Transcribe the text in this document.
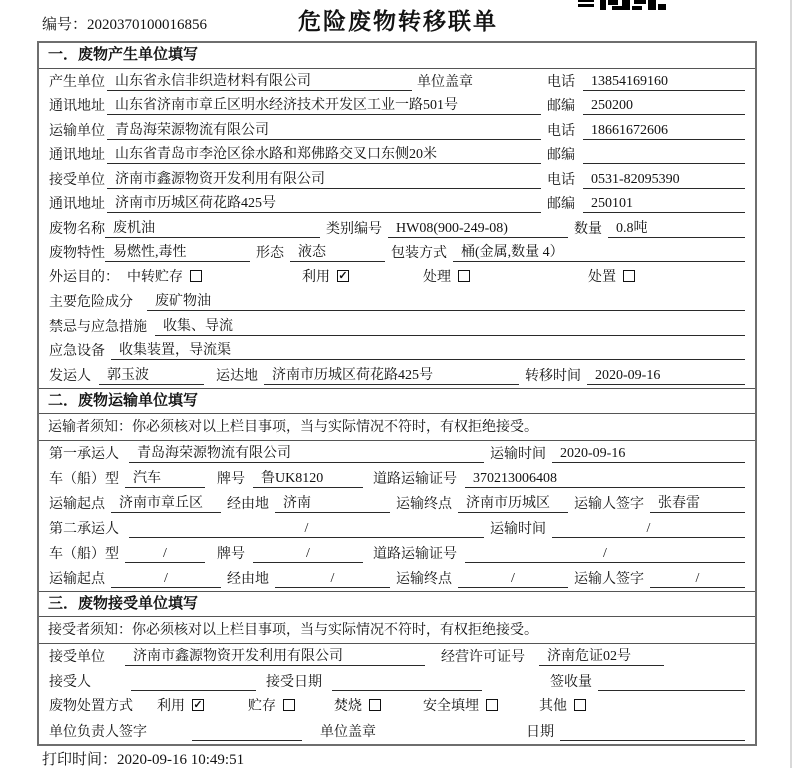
编号：2020370100016856	危险废物转移联单
一．废物产生单位填写
产生单位 山东省永信非织造材料有限公司	单位盖章	电话	13854169160
通讯地址 山东省济南市章丘区明水经济技术开发区工业一路501号	邮编	250200
运输单位 青岛海荣源物流有限公司	电话	18661672606
通讯地址 山东省青岛市李沧区徐水路和郑佛路交叉口东侧20米	邮编
接受单位 济南市鑫源物资开发利用有限公司	电话	0531-82095390
通讯地址 济南市历城区荷花路425号	邮编	250101
废物名称 废机油	类别编号	HW08(900-249-08)	数量	0.8吨
废物特性 易燃性,毒性	形态	液态	包装方式	桶(金属,数量 4）
外运目的： 中转贮存	利用 ✓	处理	处置
主要危险成分	废矿物油
禁忌与应急措施	收集、导流
应急设备	收集装置，导流渠
发运人	郭玉波	运达地	济南市历城区荷花路425号	转移时间	2020-09-16
二．废物运输单位填写
运输者须知：你必须核对以上栏目事项，当与实际情况不符时，有权拒绝接受。
第一承运人	青岛海荣源物流有限公司	运输时间	2020-09-16
车（船）型	汽车	牌号	鲁UK8120	道路运输证号	370213006408
运输起点	济南市章丘区	经由地	济南	运输终点	济南市历城区	运输人签字	张春雷
第二承运人	/	运输时间	/
车（船）型	/	牌号	/	道路运输证号	/
运输起点	/	经由地	/	运输终点	/	运输人签字	/
三．废物接受单位填写
接受者须知：你必须核对以上栏目事项，当与实际情况不符时，有权拒绝接受。
接受单位	济南市鑫源物资开发利用有限公司	经营许可证号	济南危证02号
接受人	接受日期	签收量
废物处置方式 利用 ✓	贮存	焚烧	安全填埋	其他
单位负责人签字	单位盖章	日期
打印时间：2020-09-16 10:49:51
